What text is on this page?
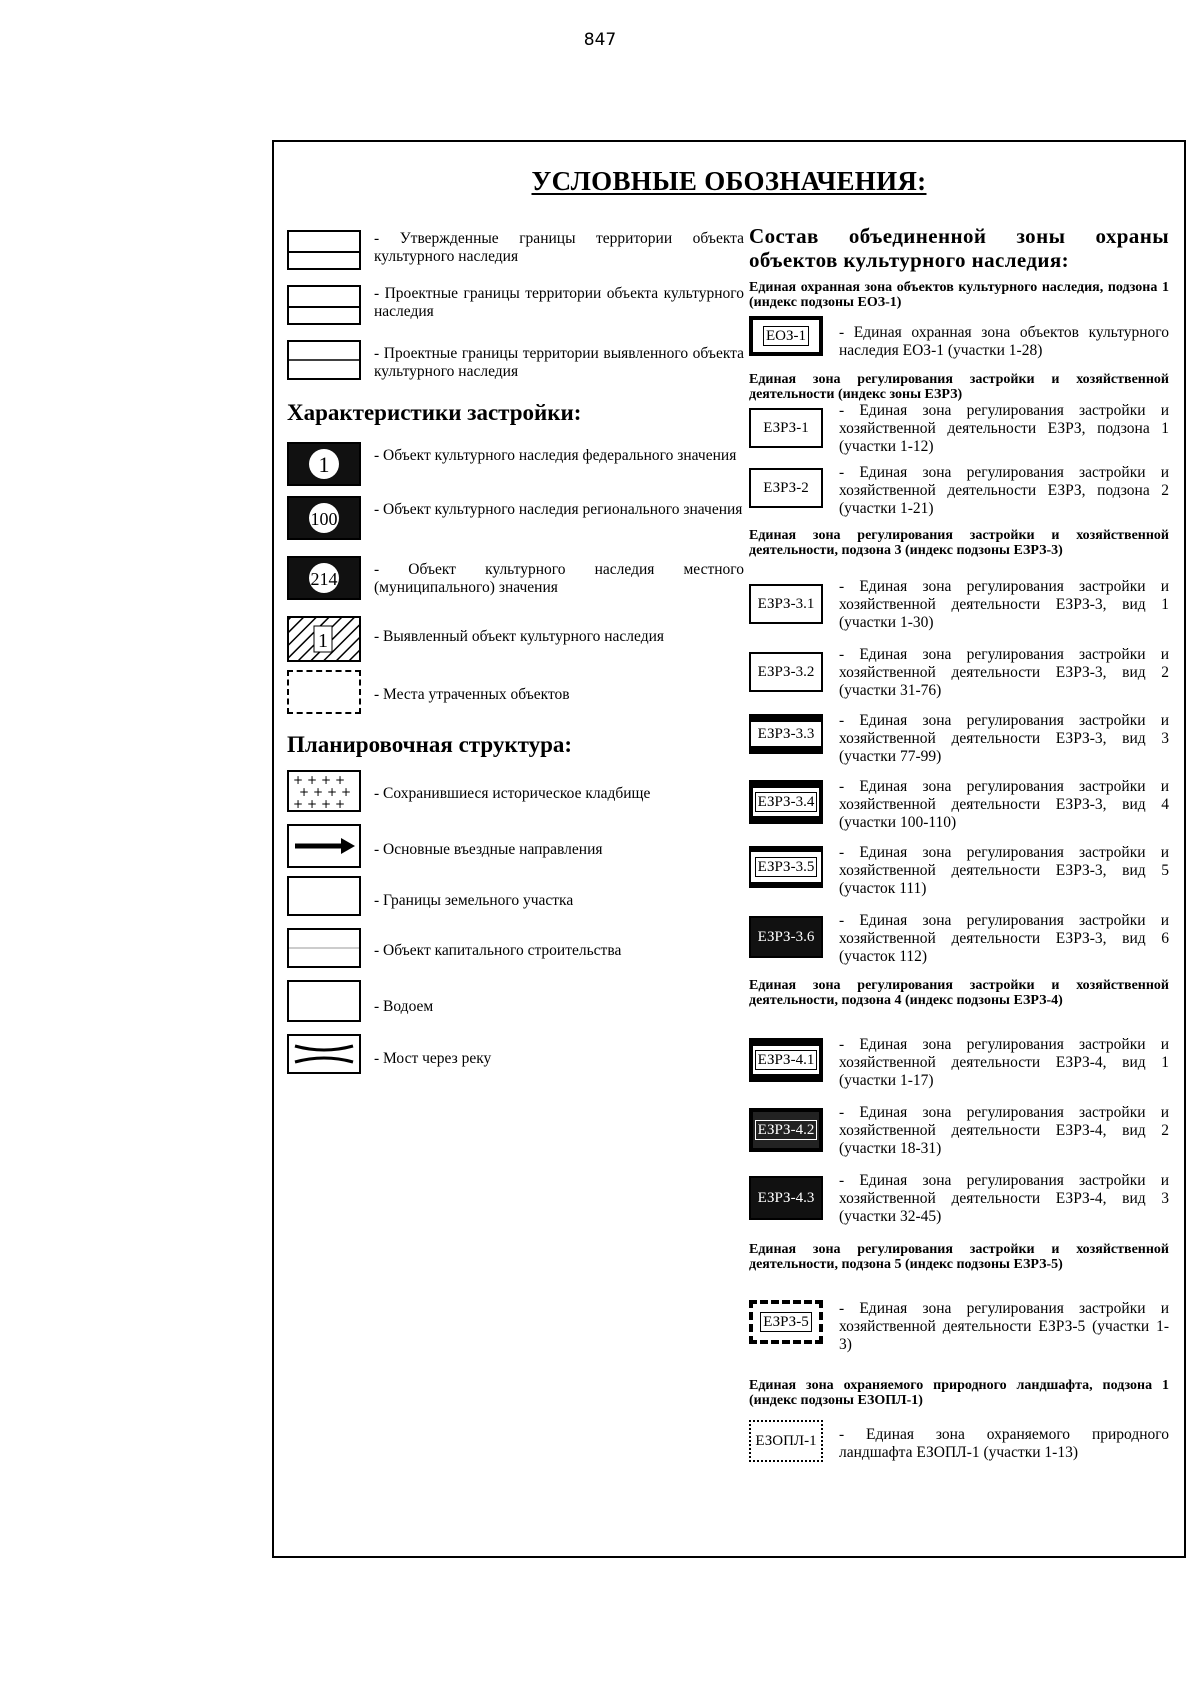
847
УСЛОВНЫЕ ОБОЗНАЧЕНИЯ:
- Утвержденные границы территории объекта культурного наследия
- Проектные границы территории объекта культурного наследия
- Проектные границы территории выявленного объекта культурного наследия
Характеристики застройки:
1	- Объект культурного наследия федерального значения
100 - Объект культурного наследия регионального значения
214 - Объект культурного наследия местного (муниципального) значения
1	- Выявленный объект культурного наследия
- Места утраченных объектов
Планировочная структура:
+ + + +
+ + + +
+ + + +
- Сохранившиеся историческое кладбище
- Основные въездные направления
- Границы земельного участка
- Объект капитального строительства
- Водоем
- Мост через реку
Состав объединенной зоны охраны объектов культурного наследия:
Единая охранная зона объектов культурного наследия, подзона 1 (индекс подзоны ЕОЗ-1)
ЕОЗ-1 - Единая охранная зона объектов культурного наследия ЕОЗ-1 (участки 1-28)
Единая зона регулирования застройки и хозяйственной деятельности (индекс зоны ЕЗРЗ)
ЕЗРЗ-1
- Единая зона регулирования застройки и хозяйственной деятельности ЕЗРЗ, подзона 1 (участки 1-12)
ЕЗРЗ-2
- Единая зона регулирования застройки и хозяйственной деятельности ЕЗРЗ, подзона 2 (участки 1-21)
Единая зона регулирования застройки и хозяйственной деятельности, подзона 3 (индекс подзоны ЕЗРЗ-3)
ЕЗРЗ-3.1
- Единая зона регулирования застройки и хозяйственной деятельности ЕЗРЗ-3, вид 1 (участки 1-30)
ЕЗРЗ-3.2
- Единая зона регулирования застройки и хозяйственной деятельности ЕЗРЗ-3, вид 2 (участки 31-76)
ЕЗРЗ-3.3
- Единая зона регулирования застройки и хозяйственной деятельности ЕЗРЗ-3, вид 3 (участки 77-99)
ЕЗРЗ-3.4
- Единая зона регулирования застройки и хозяйственной деятельности ЕЗРЗ-3, вид 4 (участки 100-110)
ЕЗРЗ-3.5
- Единая зона регулирования застройки и хозяйственной деятельности ЕЗРЗ-3, вид 5 (участок 111)
ЕЗРЗ-3.6
- Единая зона регулирования застройки и хозяйственной деятельности ЕЗРЗ-3, вид 6 (участок 112)
Единая зона регулирования застройки и хозяйственной деятельности, подзона 4 (индекс подзоны ЕЗРЗ-4)
ЕЗРЗ-4.1
- Единая зона регулирования застройки и хозяйственной деятельности ЕЗРЗ-4, вид 1 (участки 1-17)
ЕЗРЗ-4.2
- Единая зона регулирования застройки и хозяйственной деятельности ЕЗРЗ-4, вид 2 (участки 18-31)
ЕЗРЗ-4.3
- Единая зона регулирования застройки и хозяйственной деятельности ЕЗРЗ-4, вид 3 (участки 32-45)
Единая зона регулирования застройки и хозяйственной деятельности, подзона 5 (индекс подзоны ЕЗРЗ-5)
ЕЗРЗ-5
- Единая зона регулирования застройки и хозяйственной деятельности ЕЗРЗ-5 (участки 1-3)
Единая зона охраняемого природного ландшафта, подзона 1 (индекс подзоны ЕЗОПЛ-1)
ЕЗОПЛ-1 - Единая зона охраняемого природного ландшафта ЕЗОПЛ-1 (участки 1-13)
